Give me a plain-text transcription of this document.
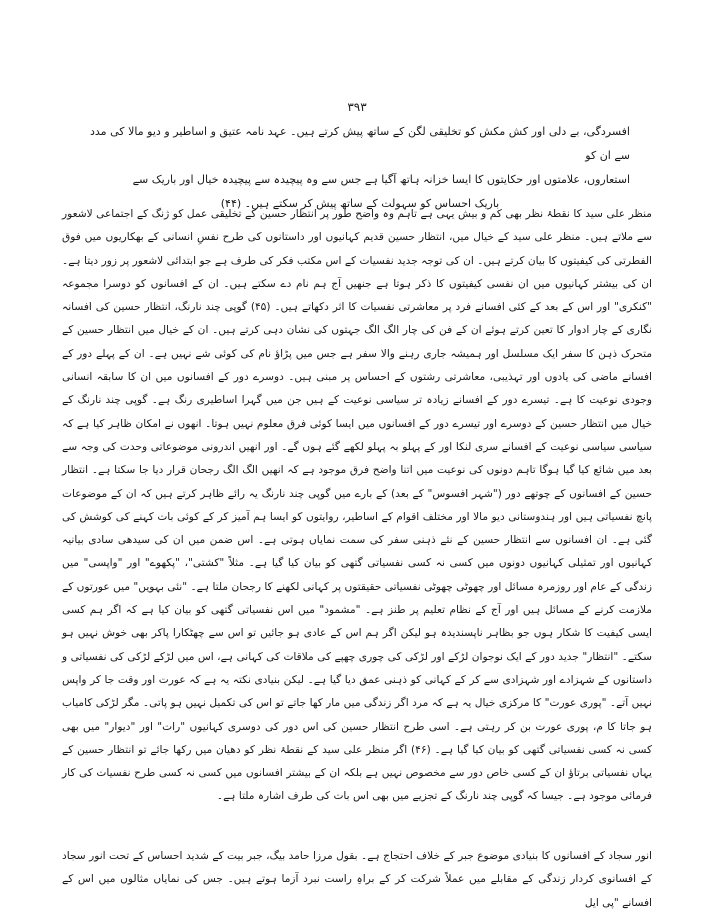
۳۹۳

افسردگی، بے دلی اور کش مکش کو تخلیقی لگن کے ساتھ پیش کرتے ہیں۔ عہد نامہ عتیق و اساطیر و دیو مالا کی مدد سے ان کو

استعاروں، علامتوں اور حکایتوں کا ایسا خزانہ ہاتھ آگیا ہے جس سے وہ پیچیدہ سے پیچیدہ خیال اور باریک سے

باریک احساس کو سہولت کے ساتھ پیش کر سکتے ہیں۔ (۴۴)

منظر علی سید کا نقطۂ نظر بھی کم و بیش یہی ہے تاہم وہ واضح طور پر انتظار حسین کے تخلیقی عمل کو ژنگ کے اجتماعی لاشعور سے ملاتے ہیں۔ منظر علی سید کے خیال میں، انتظار حسین قدیم کہانیوں اور داستانوں کی طرح نفسِ انسانی کے بھکاریوں میں فوق الفطرتی کی کیفیتوں کا بیان کرتے ہیں۔ ان کی توجہ جدید نفسیات کے اس مکتب فکر کی طرف ہے جو ابتدائی لاشعور پر زور دیتا ہے۔ ان کی بیشتر کہانیوں میں ان نفسی کیفیتوں کا ذکر ہوتا ہے جنھیں آج ہم نام دے سکتے ہیں۔ ان کے افسانوں کو دوسرا مجموعہ "کنکری" اور اس کے بعد کے کئی افسانے فرد پر معاشرتی نفسیات کا اثر دکھاتے ہیں۔ (۴۵) گوپی چند نارنگ، انتظار حسین کی افسانہ نگاری کے چار ادوار کا تعین کرتے ہوئے ان کے فن کی چار الگ الگ جہتوں کی نشان دہی کرتے ہیں۔ ان کے خیال میں انتظار حسین کے متحرک ذہن کا سفر ایک مسلسل اور ہمیشہ جاری رہنے والا سفر ہے جس میں پڑاؤ نام کی کوئی شے نہیں ہے۔ ان کے پہلے دور کے افسانے ماضی کی یادوں اور تہذیبی، معاشرتی رشتوں کے احساس پر مبنی ہیں۔ دوسرے دور کے افسانوں میں ان کا سابقہ انسانی وجودی نوعیت کا ہے۔ تیسرے دور کے افسانے زیادہ تر سیاسی نوعیت کے ہیں جن میں گہرا اساطیری رنگ ہے۔ گوپی چند نارنگ کے خیال میں انتظار حسین کے دوسرے اور تیسرے دور کے افسانوں میں ایسا کوئی فرق معلوم نہیں ہوتا۔ انھوں نے امکان ظاہر کیا ہے کہ سیاسی سیاسی نوعیت کے افسانے سری لنکا اور کے پہلو بہ پہلو لکھے گئے ہوں گے۔ اور انھیں اندرونی موضوعاتی وحدت کی وجہ سے بعد میں شائع کیا گیا ہوگا تاہم دونوں کی نوعیت میں اتنا واضح فرق موجود ہے کہ انھیں الگ الگ رجحان قرار دیا جا سکتا ہے۔ انتظار حسین کے افسانوں کے چوتھے دور ("شہر افسوس" کے بعد) کے بارے میں گوپی چند نارنگ یہ رائے ظاہر کرتے ہیں کہ ان کے موضوعات پانچ نفسیاتی ہیں اور ہندوستانی دیو مالا اور مختلف اقوام کے اساطیر، روایتوں کو ایسا ہم آمیز کر کے کوئی بات کہنے کی کوشش کی گئی ہے۔ ان افسانوں سے انتظار حسین کے نئے ذہنی سفر کی سمت نمایاں ہوتی ہے۔ اس ضمن میں ان کی سیدھی سادی بیانیہ کہانیوں اور تمثیلی کہانیوں دونوں میں کسی نہ کسی نفسیاتی گتھی کو بیان کیا گیا ہے۔ مثلاً "کشتی"، "پکھوے" اور "واپسی" میں زندگی کے عام اور روزمرہ مسائل اور چھوٹی چھوٹی نفسیاتی حقیقتوں پر کہانی لکھنے کا رجحان ملتا ہے۔ "نئی بہویں" میں عورتوں کے ملازمت کرنے کے مسائل ہیں اور آج کے نظام تعلیم پر طنز ہے۔ "مشمود" میں اس نفسیاتی گتھی کو بیان کیا ہے کہ اگر ہم کسی ایسی کیفیت کا شکار ہوں جو بظاہر ناپسندیدہ ہو لیکن اگر ہم اس کے عادی ہو جائیں تو اس سے چھٹکارا پاکر بھی خوش نہیں ہو سکتے۔ "انتظار" جدید دور کے ایک نوجوان لڑکے اور لڑکی کی چوری چھپے کی ملاقات کی کہانی ہے، اس میں لڑکے لڑکی کی نفسیاتی و داستانوں کے شہزادے اور شہزادی سے کر کے کہانی کو ذہنی عمق دیا گیا ہے۔ لیکن بنیادی نکتہ یہ ہے کہ عورت اور وقت جا کر واپس نہیں آتے۔ "پوری عورت" کا مرکزی خیال یہ ہے کہ مرد اگر زندگی میں مار کھا جاتے تو اس کی تکمیل نہیں ہو پاتی۔ مگر لڑکی کامیاب ہو جاتا کا م، پوری عورت بن کر رہتی ہے۔ اسی طرح انتظار حسین کی اس دور کی دوسری کہانیوں "رات" اور "دیوار" میں بھی کسی نہ کسی نفسیاتی گتھی کو بیان کیا گیا ہے۔ (۴۶) اگر منظر علی سید کے نقطۂ نظر کو دھیان میں رکھا جائے تو انتظار حسین کے یہاں نفسیاتی برتاؤ ان کے کسی خاص دور سے مخصوص نہیں ہے بلکہ ان کے بیشتر افسانوں میں کسی نہ کسی طرح نفسیات کی کار فرمائی موجود ہے۔ جیسا کہ گوپی چند نارنگ کے تجزیے میں بھی اس بات کی طرف اشارہ ملتا ہے۔

انور سجاد کے افسانوں کا بنیادی موضوع جبر کے خلاف احتجاج ہے۔ بقول مرزا حامد بیگ، جبر بیت کے شدید احساس کے تحت انور سجاد کے افسانوی کردار زندگی کے مقابلے میں عملاً شرکت کر کے براہِ راست نبرد آزما ہوتے ہیں۔ جس کی نمایاں مثالوں میں اس کے افسانے "پی ایل
